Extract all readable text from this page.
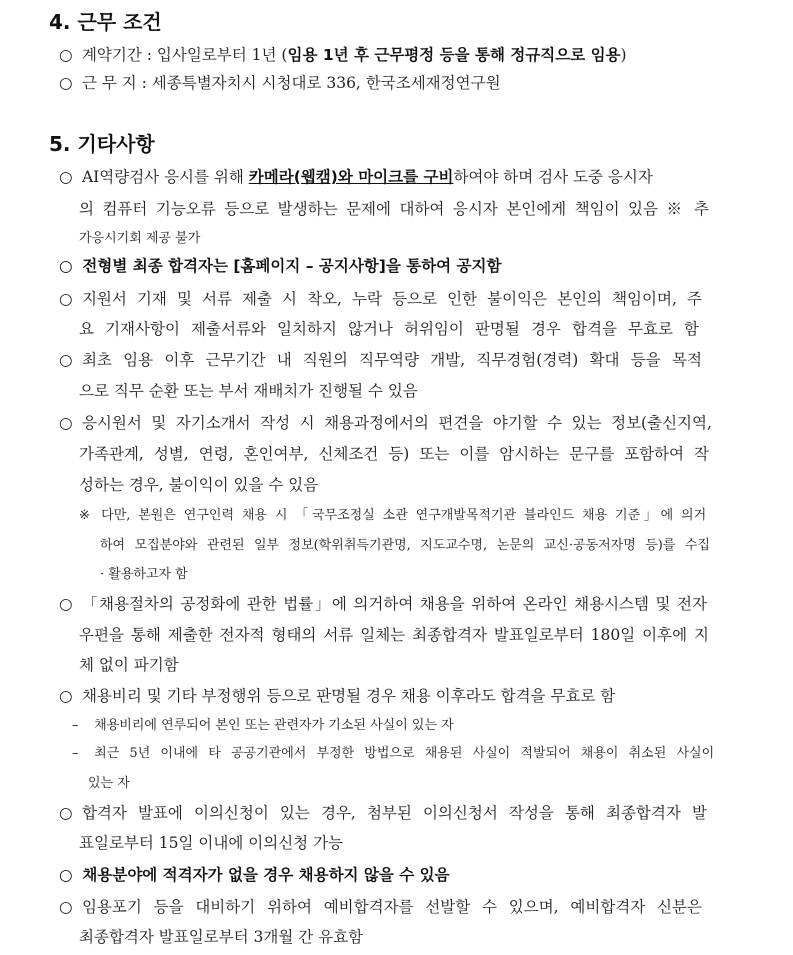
4. 근무 조건
○ 계약기간 : 입사일로부터 1년 (임용 1년 후 근무평정 등을 통해 정규직으로 임용)
○ 근 무 지 : 세종특별자치시 시청대로 336, 한국조세재정연구원
5. 기타사항
○ AI역량검사 응시를 위해 카메라(웹캠)와 마이크를 구비하여야 하며 검사 도중 응시자
의 컴퓨터 기능오류 등으로 발생하는 문제에 대하여 응시자 본인에게 책임이 있음 ※ 추
가응시기회 제공 불가
○ 전형별 최종 합격자는 [홈페이지 – 공지사항]을 통하여 공지함
○ 지원서 기재 및 서류 제출 시 착오, 누락 등으로 인한 불이익은 본인의 책임이며, 주
요 기재사항이 제출서류와 일치하지 않거나 허위임이 판명될 경우 합격을 무효로 함
○ 최초 임용 이후 근무기간 내 직원의 직무역량 개발, 직무경험(경력) 확대 등을 목적
으로 직무 순환 또는 부서 재배치가 진행될 수 있음
○ 응시원서 및 자기소개서 작성 시 채용과정에서의 편견을 야기할 수 있는 정보(출신지역,
가족관계, 성별, 연령, 혼인여부, 신체조건 등) 또는 이를 암시하는 문구를 포함하여 작
성하는 경우, 불이익이 있을 수 있음
※ 다만, 본원은 연구인력 채용 시 「국무조정실 소관 연구개발목적기관 블라인드 채용 기준」에 의거
하여 모집분야와 관련된 일부 정보(학위취득기관명, 지도교수명, 논문의 교신·공동저자명 등)를 수집
· 활용하고자 함
○ 「채용절차의 공정화에 관한 법률」에 의거하여 채용을 위하여 온라인 채용시스템 및 전자
우편을 통해 제출한 전자적 형태의 서류 일체는 최종합격자 발표일로부터 180일 이후에 지
체 없이 파기함
○ 채용비리 및 기타 부정행위 등으로 판명될 경우 채용 이후라도 합격을 무효로 함
– 채용비리에 연루되어 본인 또는 관련자가 기소된 사실이 있는 자
– 최근 5년 이내에 타 공공기관에서 부정한 방법으로 채용된 사실이 적발되어 채용이 취소된 사실이
있는 자
○ 합격자 발표에 이의신청이 있는 경우, 첨부된 이의신청서 작성을 통해 최종합격자 발
표일로부터 15일 이내에 이의신청 가능
○ 채용분야에 적격자가 없을 경우 채용하지 않을 수 있음
○ 임용포기 등을 대비하기 위하여 예비합격자를 선발할 수 있으며, 예비합격자 신분은
최종합격자 발표일로부터 3개월 간 유효함
